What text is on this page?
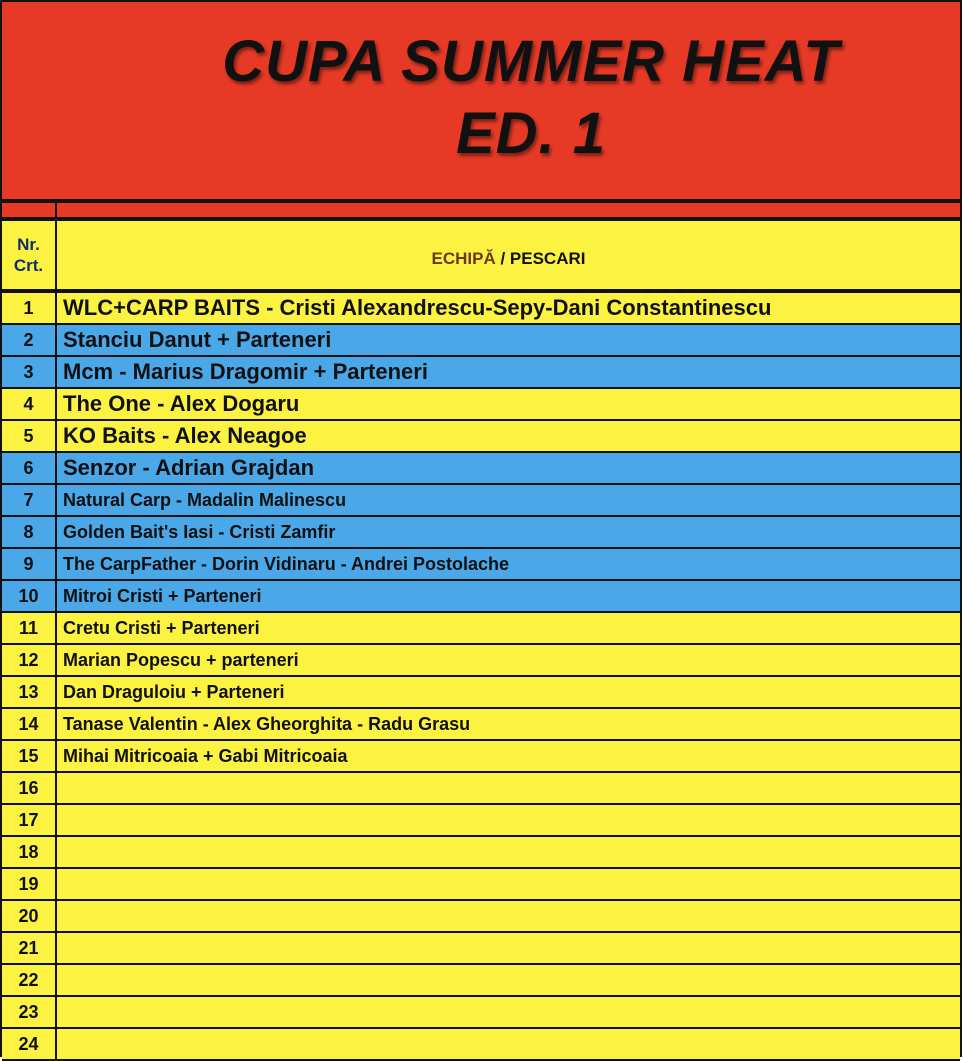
CUPA SUMMER HEAT
ED. 1
Nr.
Crt.	ECHIPĂ / PESCARI
1	WLC+CARP BAITS - Cristi Alexandrescu-Sepy-Dani Constantinescu
2	Stanciu Danut + Parteneri
3	Mcm - Marius Dragomir + Parteneri
4	The One - Alex Dogaru
5	KO Baits - Alex Neagoe
6	Senzor - Adrian Grajdan
7	Natural Carp - Madalin Malinescu
8	Golden Bait's Iasi - Cristi Zamfir
9	The CarpFather - Dorin Vidinaru - Andrei Postolache
10	Mitroi Cristi + Parteneri
11	Cretu Cristi + Parteneri
12	Marian Popescu + parteneri
13	Dan Draguloiu + Parteneri
14	Tanase Valentin - Alex Gheorghita - Radu Grasu
15	Mihai Mitricoaia + Gabi Mitricoaia
16
17
18
19
20
21
22
23
24
